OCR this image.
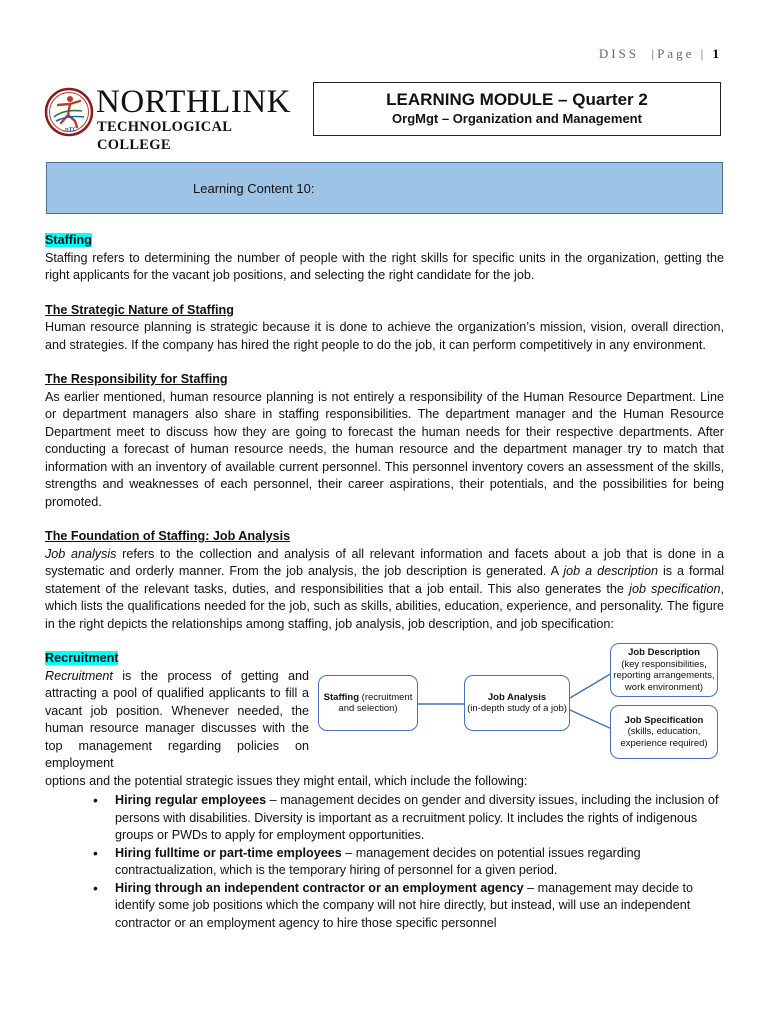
DISS  |Page | 1
nTC
NORTHLINK
TECHNOLOGICAL COLLEGE
LEARNING MODULE – Quarter 2
OrgMgt – Organization and Management
Learning Content 10:

Staffing

Staffing refers to determining the number of people with the right skills for specific units in the organization, getting the right applicants for the vacant job positions, and selecting the right candidate for the job.

The Strategic Nature of Staffing

Human resource planning is strategic because it is done to achieve the organization’s mission, vision, overall direction, and strategies. If the company has hired the right people to do the job, it can perform competitively in any environment.

The Responsibility for Staffing

As earlier mentioned, human resource planning is not entirely a responsibility of the Human Resource Department. Line or department managers also share in staffing responsibilities. The department manager and the Human Resource Department meet to discuss how they are going to forecast the human needs for their respective departments. After conducting a forecast of human resource needs, the human resource and the department manager try to match that information with an inventory of available current personnel. This personnel inventory covers an assessment of the skills, strengths and weaknesses of each personnel, their career aspirations, their potentials, and the possibilities for being promoted.

The Foundation of Staffing: Job Analysis

Job analysis refers to the collection and analysis of all relevant information and facets about a job that is done in a systematic and orderly manner. From the job analysis, the job description is generated. A job a description is a formal statement of the relevant tasks, duties, and responsibilities that a job entail. This also generates the job specification, which lists the qualifications needed for the job, such as skills, abilities, education, experience, and personality. The figure in the right depicts the relationships among staffing, job analysis, job description, and job specification:

Recruitment

Recruitment is the process of getting and attracting a pool of qualified applicants to fill a vacant job position. Whenever needed, the human resource manager discusses with the top management regarding policies on employment

options and the potential strategic issues they might entail, which include the following:

• Hiring regular employees – management decides on gender and diversity issues, including the inclusion of persons with disabilities. Diversity is important as a recruitment policy. It includes the rights of indigenous groups or PWDs to apply for employment opportunities.
• Hiring fulltime or part-time employees – management decides on potential issues regarding contractualization, which is the temporary hiring of personnel for a given period.
• Hiring through an independent contractor or an employment agency – management may decide to identify some job positions which the company will not hire directly, but instead, will use an independent contractor or an employment agency to hire those specific personnel
Staffing (recruitment and selection)
Job Analysis
(in-depth study of a job)
Job Description
(key responsibilities, reporting arrangements, work environment)
Job Specification
(skills, education, experience required)
